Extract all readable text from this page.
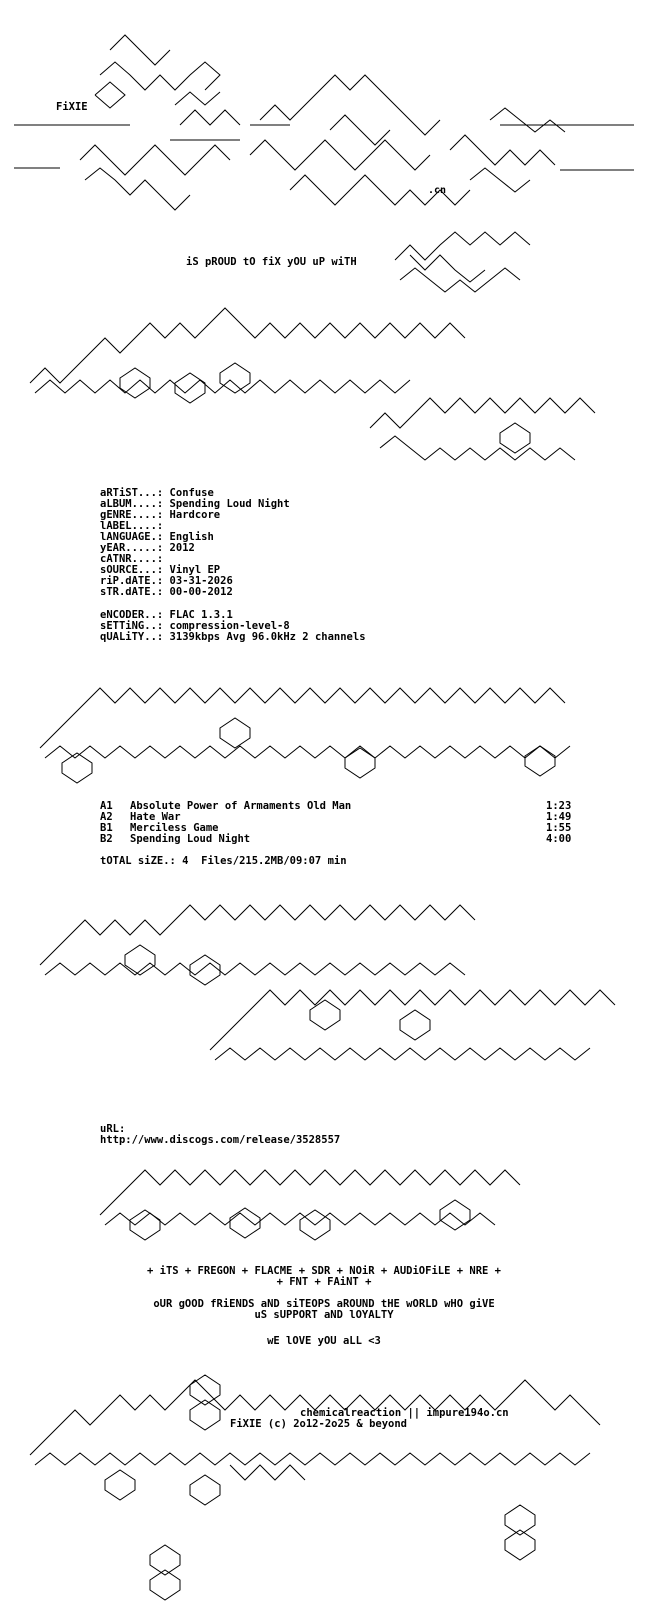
FiXIE
.cn

iS pROUD tO fiX yOU uP wiTH

aRTiST...: Confuse

aLBUM....: Spending Loud Night

gENRE....: Hardcore

lABEL....:

lANGUAGE.: English

yEAR.....: 2012

cATNR....:

sOURCE...: Vinyl EP

riP.dATE.: 03-31-2026

sTR.dATE.: 00-00-2012

eNCODER..: FLAC 1.3.1

sETTiNG..: compression-level-8

qUALiTY..: 3139kbps Avg 96.0kHz 2 channels

A1 Absolute Power of Armaments Old Man	1:23

A2 Hate War	1:49

B1 Merciless Game	1:55

B2 Spending Loud Night	4:00

tOTAL siZE.: 4  Files/215.2MB/09:07 min

uRL:

http://www.discogs.com/release/3528557

+ iTS + FREGON + FLACME + SDR + NOiR + AUDiOFiLE + NRE +

+ FNT + FAiNT +

oUR gOOD fRiENDS aND siTEOPS aROUND tHE wORLD wHO giVE

uS sUPPORT aND lOYALTY

wE lOVE yOU aLL <3

chemicalreaction || impure194o.cn

FiXIE (c) 2o12-2o25 & beyond
